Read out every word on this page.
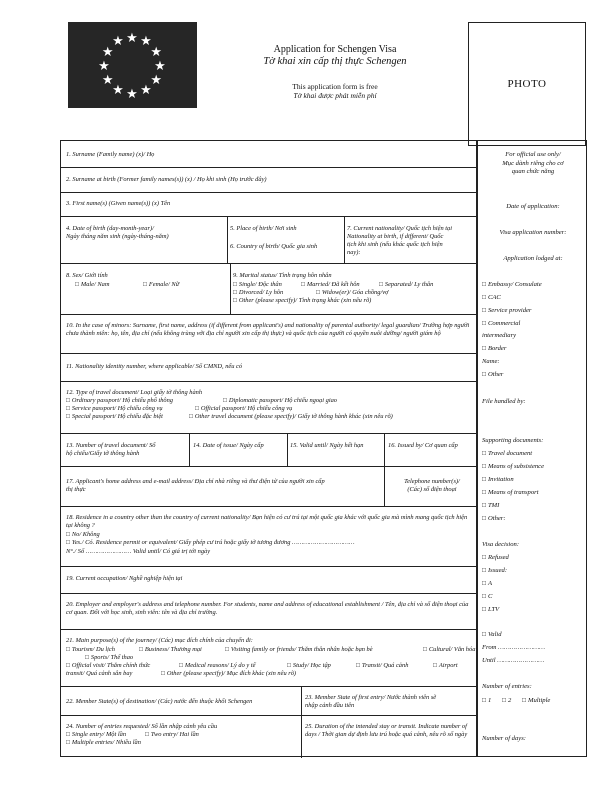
★ ★
★
★
★
★
★
★
★
★
★
★
Application for Schengen Visa
Tờ khai xin cấp thị thực Schengen
This application form is free
Tờ khai được phát miễn phí
PHOTO
1. Surname (Family name) (x)/ Họ
2. Surname at birth (Former family names(s)) (x) / Họ khi sinh (Họ trước đây)
3. First name(s) (Given name(s)) (x) Tên
4. Date of birth (day-month-year)/
Ngày tháng năm sinh (ngày-tháng-năm)
5. Place of birth/ Nơi sinh
6. Country of birth/ Quốc gia sinh
7. Current nationality/ Quốc tịch hiện tại
Nationality at birth, if different/ Quốc
tịch khi sinh (nếu khác quốc tịch hiện
nay):
8. Sex/ Giới tính
□ Male/ Nam	□ Female/ Nữ
9. Marital status/ Tình trạng hôn nhân
□ Single/ Độc thân	□ Married/ Đã kết hôn	□ Separated/ Ly thân
□ Divorced/ Ly hôn	□ Widow(er)/ Góa chồng/vợ
□ Other (please specify)/ Tình trạng khác (xin nêu rõ)
10. In the case of minors: Surname, first name, address (if different from applicant's) and nationality of parental authority/ legal guardian/ Trường hợp người chưa thành niên: họ, tên, địa chỉ (nếu không trùng với địa chỉ người xin cấp thị thực) và quốc tịch của người có quyền nuôi dưỡng/ người giám hộ
11. Nationality identity number, where applicable/ Số CMND, nếu có
12. Type of travel document/ Loại giấy tờ thông hành
□ Ordinary passport/ Hộ chiếu phổ thông	□ Diplomatic passport/ Hộ chiếu ngoại giao
□ Service passport/ Hộ chiếu công vụ	□ Official passport/ Hộ chiếu công vụ
□ Special passport/ Hộ chiếu đặc biệt	□ Other travel document (please specify)/ Giấy tờ thông hành khác (xin nêu rõ)
13. Number of travel document/ Số
hộ chiếu/Giấy tờ thông hành
14. Date of issue/ Ngày cấp	15. Valid until/ Ngày hết hạn	16. Issued by/ Cơ quan cấp
17. Applicant's home address and e-mail address/ Địa chỉ nhà riêng và thư điện tử của người xin cấp
thị thực
Telephone number(s)/
(Các) số điện thoại
18. Residence in a country other than the country of current nationality/ Bạn hiện có cư trú tại một quốc gia khác với quốc gia mà mình mang quốc tịch hiện tại không ?
□ No/ Không
□ Yes./ Có. Residence permit or equivalent/ Giấy phép cư trú hoặc giấy tờ tương đương ……………………………
N°./ Số …………………… Valid until/ Có giá trị tới ngày
19. Current occupation/ Nghề nghiệp hiện tại
20. Employer and employer's address and telephone number. For students, name and address of educational establishment / Tên, địa chỉ và số điện thoại của cơ quan. Đối với học sinh, sinh viên: tên và địa chỉ trường.
21. Main purpose(s) of the journey/ (Các) mục đích chính của chuyến đi:
□ Tourism/ Du lịch	□ Business/ Thương mại	□ Visiting family or friends/ Thăm thân nhân hoặc bạn bè	□ Cultural/ Văn hóa
□ Sports/ Thể thao
□ Official visit/ Thăm chính thức	□ Medical reasons/ Lý do y tế	□ Study/ Học tập	□ Transit/ Quá cảnh	□ Airport
transit/ Quá cảnh sân bay	□ Other (please specify)/ Mục đích khác (xin nêu rõ)
22. Member State(s) of destination/ (Các) nước đến thuộc khối Schengen
23. Member State of first entry/ Nước thành viên sẽ
nhập cảnh đầu tiên
24. Number of entries requested/ Số lần nhập cảnh yêu cầu
□ Single entry/ Một lần	□ Two entry/ Hai lần
□ Multiple entries/ Nhiều lần
25. Duration of the intended stay or transit. Indicate number of days / Thời gian dự định lưu trú hoặc quá cảnh, nêu rõ số ngày
For official use only/
Mục dành riêng cho cơ
quan chức năng
Date of application:
Visa application number:
Application lodged at:
□ Embassy/ Consulate
□ CAC
□ Service provider
□ Commercial
intermediary
□ Border
Name:
□ Other
File handled by:
Supporting documents:
□ Travel document
□ Means of subsistence
□ Invitation
□ Means of transport
□ TMI
□ Other:
Visa decision:
□ Refused
□ Issued:
□ A
□ C
□ LTV
□ Valid
From ……………………
Until ……………………
Number of entries:
□ 1	□ 2	□ Multiple
Number of days:
